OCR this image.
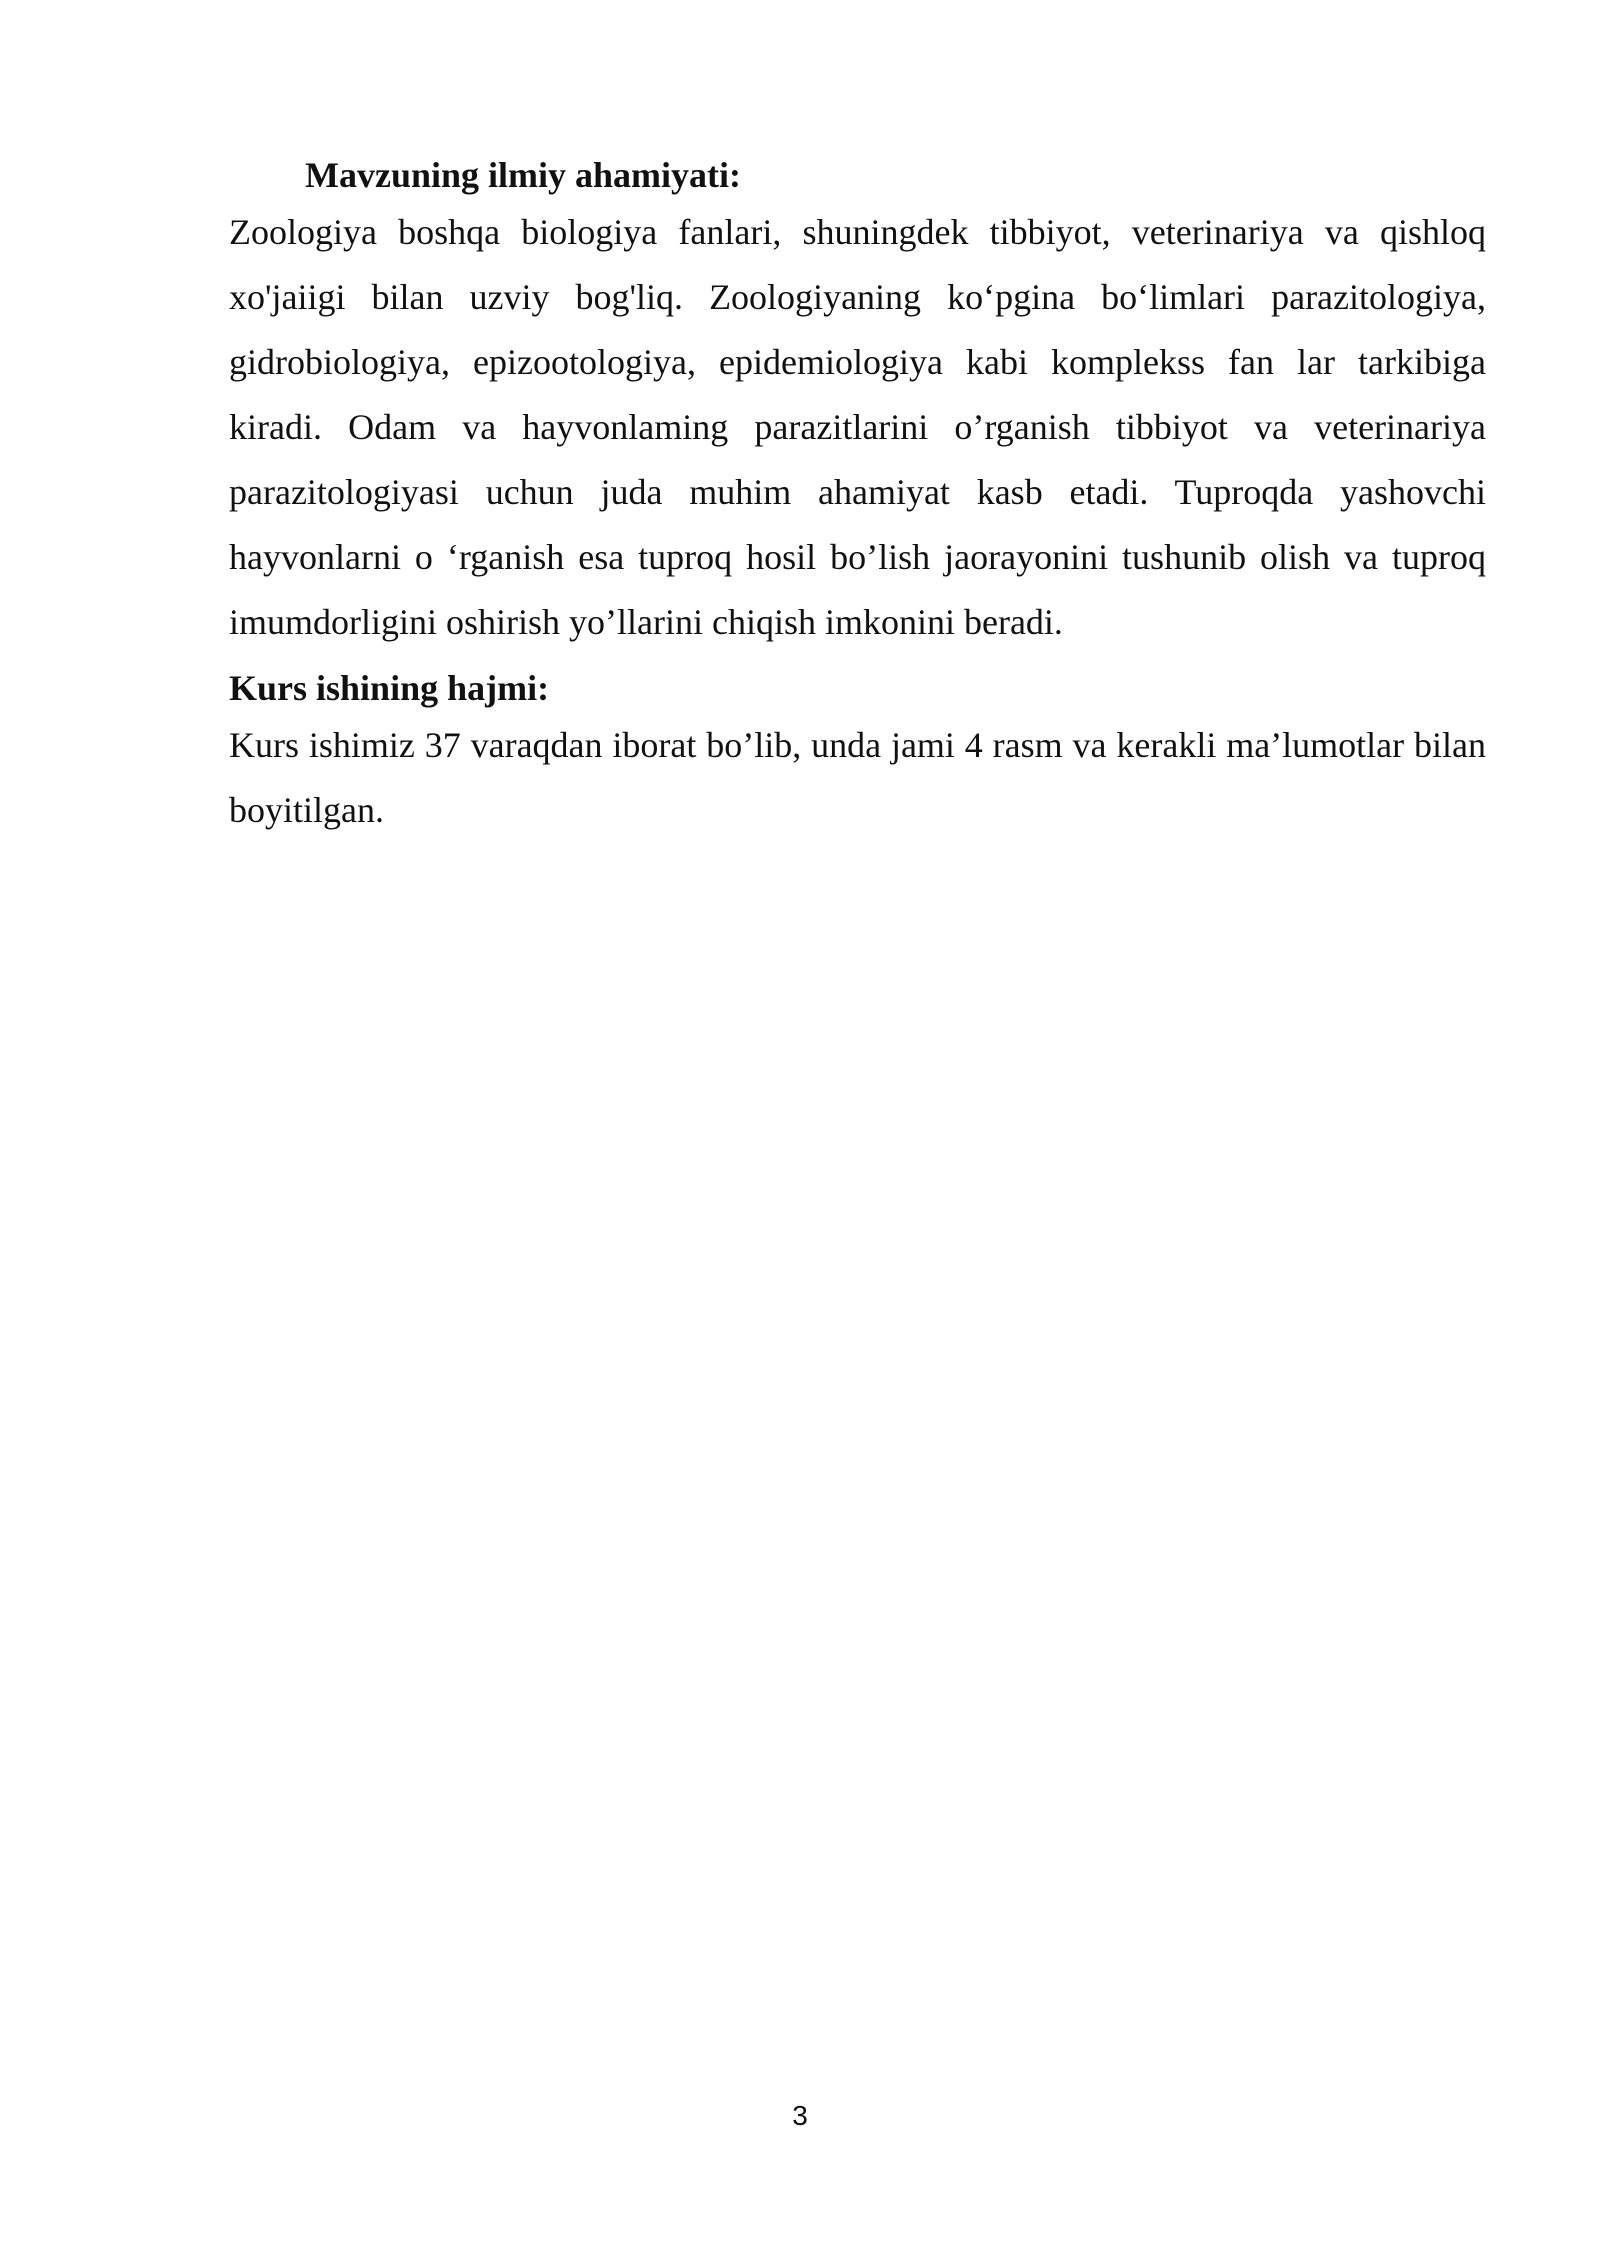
Mavzuning ilmiy ahamiyati:

Zoologiya boshqa biologiya fanlari, shuningdek tibbiyot, veterinariya va qishloq xo'jaiigi bilan uzviy bog'liq. Zoologiyaning ko‘pgina bo‘limlari parazitologiya, gidrobiologiya, epizootologiya, epidemiologiya kabi komplekss fan lar tarkibiga kiradi. Odam va hayvonlaming parazitlarini o’rganish tibbiyot va veterinariya parazitologiyasi uchun juda muhim ahamiyat kasb etadi. Tuproqda yashovchi hayvonlarni o ‘rganish esa tuproq hosil bo’lish jaorayonini tushunib olish va tuproq imumdorligini oshirish yo’llarini chiqish imkonini beradi.

Kurs ishining hajmi:

Kurs ishimiz 37 varaqdan iborat bo’lib, unda jami 4 rasm va kerakli ma’lumotlar bilan boyitilgan.

3
